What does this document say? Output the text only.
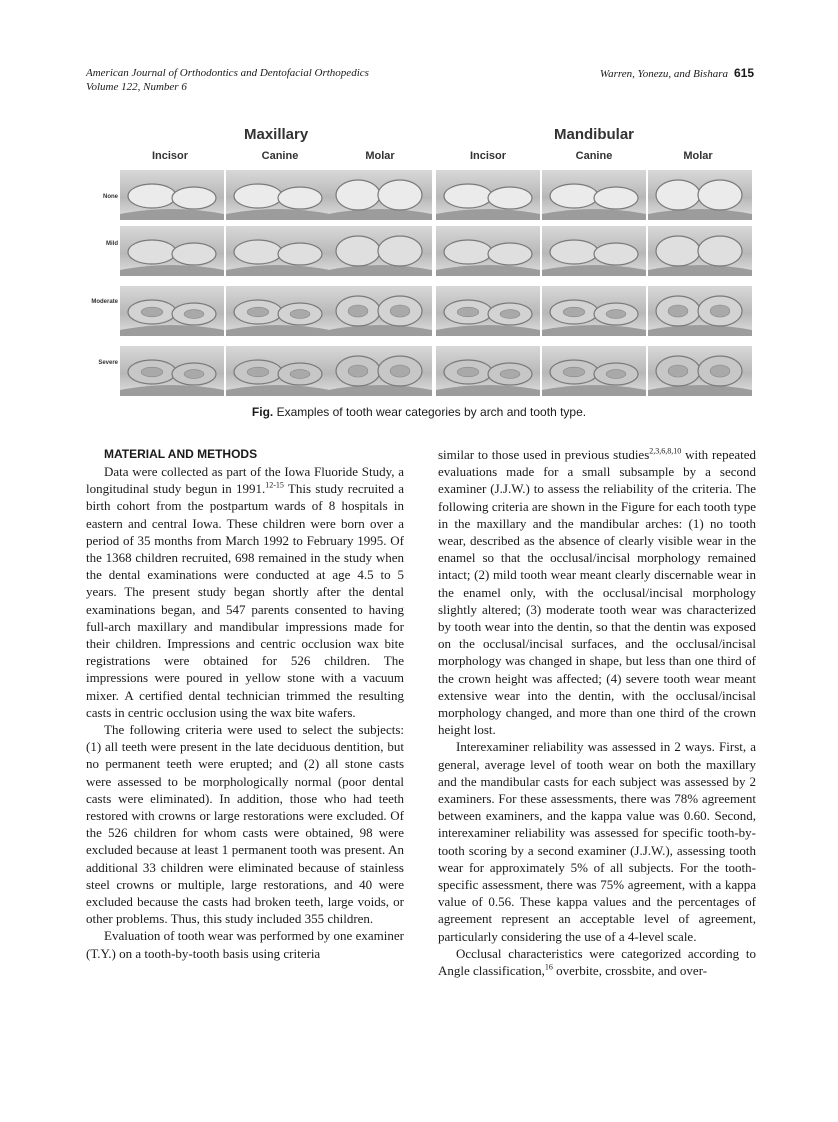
American Journal of Orthodontics and Dentofacial Orthopedics
Volume 122, Number 6
Warren, Yonezu, and Bishara 615
Maxillary	Mandibular
Incisor	Canine	Molar	Incisor	Canine	Molar
None
Mild
Moderate
Severe
Fig. Examples of tooth wear categories by arch and tooth type.

MATERIAL AND METHODS

Data were collected as part of the Iowa Fluoride Study, a longitudinal study begun in 1991.$^{12-15}$ This study recruited a birth cohort from the postpartum wards of 8 hospitals in eastern and central Iowa. These children were born over a period of 35 months from March 1992 to February 1995. Of the 1368 children recruited, 698 remained in the study when the dental examinations were conducted at age 4.5 to 5 years. The present study began shortly after the dental examinations began, and 547 parents consented to having full-arch maxillary and mandibular impressions made for their children. Impressions and centric occlusion wax bite registrations were obtained for 526 children. The impressions were poured in yellow stone with a vacuum mixer. A certified dental technician trimmed the resulting casts in centric occlusion using the wax bite wafers.

The following criteria were used to select the subjects: (1) all teeth were present in the late deciduous dentition, but no permanent teeth were erupted; and (2) all stone casts were assessed to be morphologically normal (poor dental casts were eliminated). In addition, those who had teeth restored with crowns or large restorations were excluded. Of the 526 children for whom casts were obtained, 98 were excluded because at least 1 permanent tooth was present. An additional 33 children were eliminated because of stainless steel crowns or multiple, large restorations, and 40 were excluded because the casts had broken teeth, large voids, or other problems. Thus, this study included 355 children.

Evaluation of tooth wear was performed by one examiner (T.Y.) on a tooth-by-tooth basis using criteria

similar to those used in previous studies$^{2,3,6,8,10}$ with repeated evaluations made for a small subsample by a second examiner (J.J.W.) to assess the reliability of the criteria. The following criteria are shown in the Figure for each tooth type in the maxillary and the mandibular arches: (1) no tooth wear, described as the absence of clearly visible wear in the enamel so that the occlusal/incisal morphology remained intact; (2) mild tooth wear meant clearly discernable wear in the enamel only, with the occlusal/incisal morphology slightly altered; (3) moderate tooth wear was characterized by tooth wear into the dentin, so that the dentin was exposed on the occlusal/incisal surfaces, and the occlusal/incisal morphology was changed in shape, but less than one third of the crown height was affected; (4) severe tooth wear meant extensive wear into the dentin, with the occlusal/incisal morphology changed, and more than one third of the crown height lost.

Interexaminer reliability was assessed in 2 ways. First, a general, average level of tooth wear on both the maxillary and the mandibular casts for each subject was assessed by 2 examiners. For these assessments, there was 78% agreement between examiners, and the kappa value was 0.60. Second, interexaminer reliability was assessed for specific tooth-by-tooth scoring by a second examiner (J.J.W.), assessing tooth wear for approximately 5% of all subjects. For the tooth-specific assessment, there was 75% agreement, with a kappa value of 0.56. These kappa values and the percentages of agreement represent an acceptable level of agreement, particularly considering the use of a 4-level scale.

Occlusal characteristics were categorized according to Angle classification,$^{16}$ overbite, crossbite, and over-
